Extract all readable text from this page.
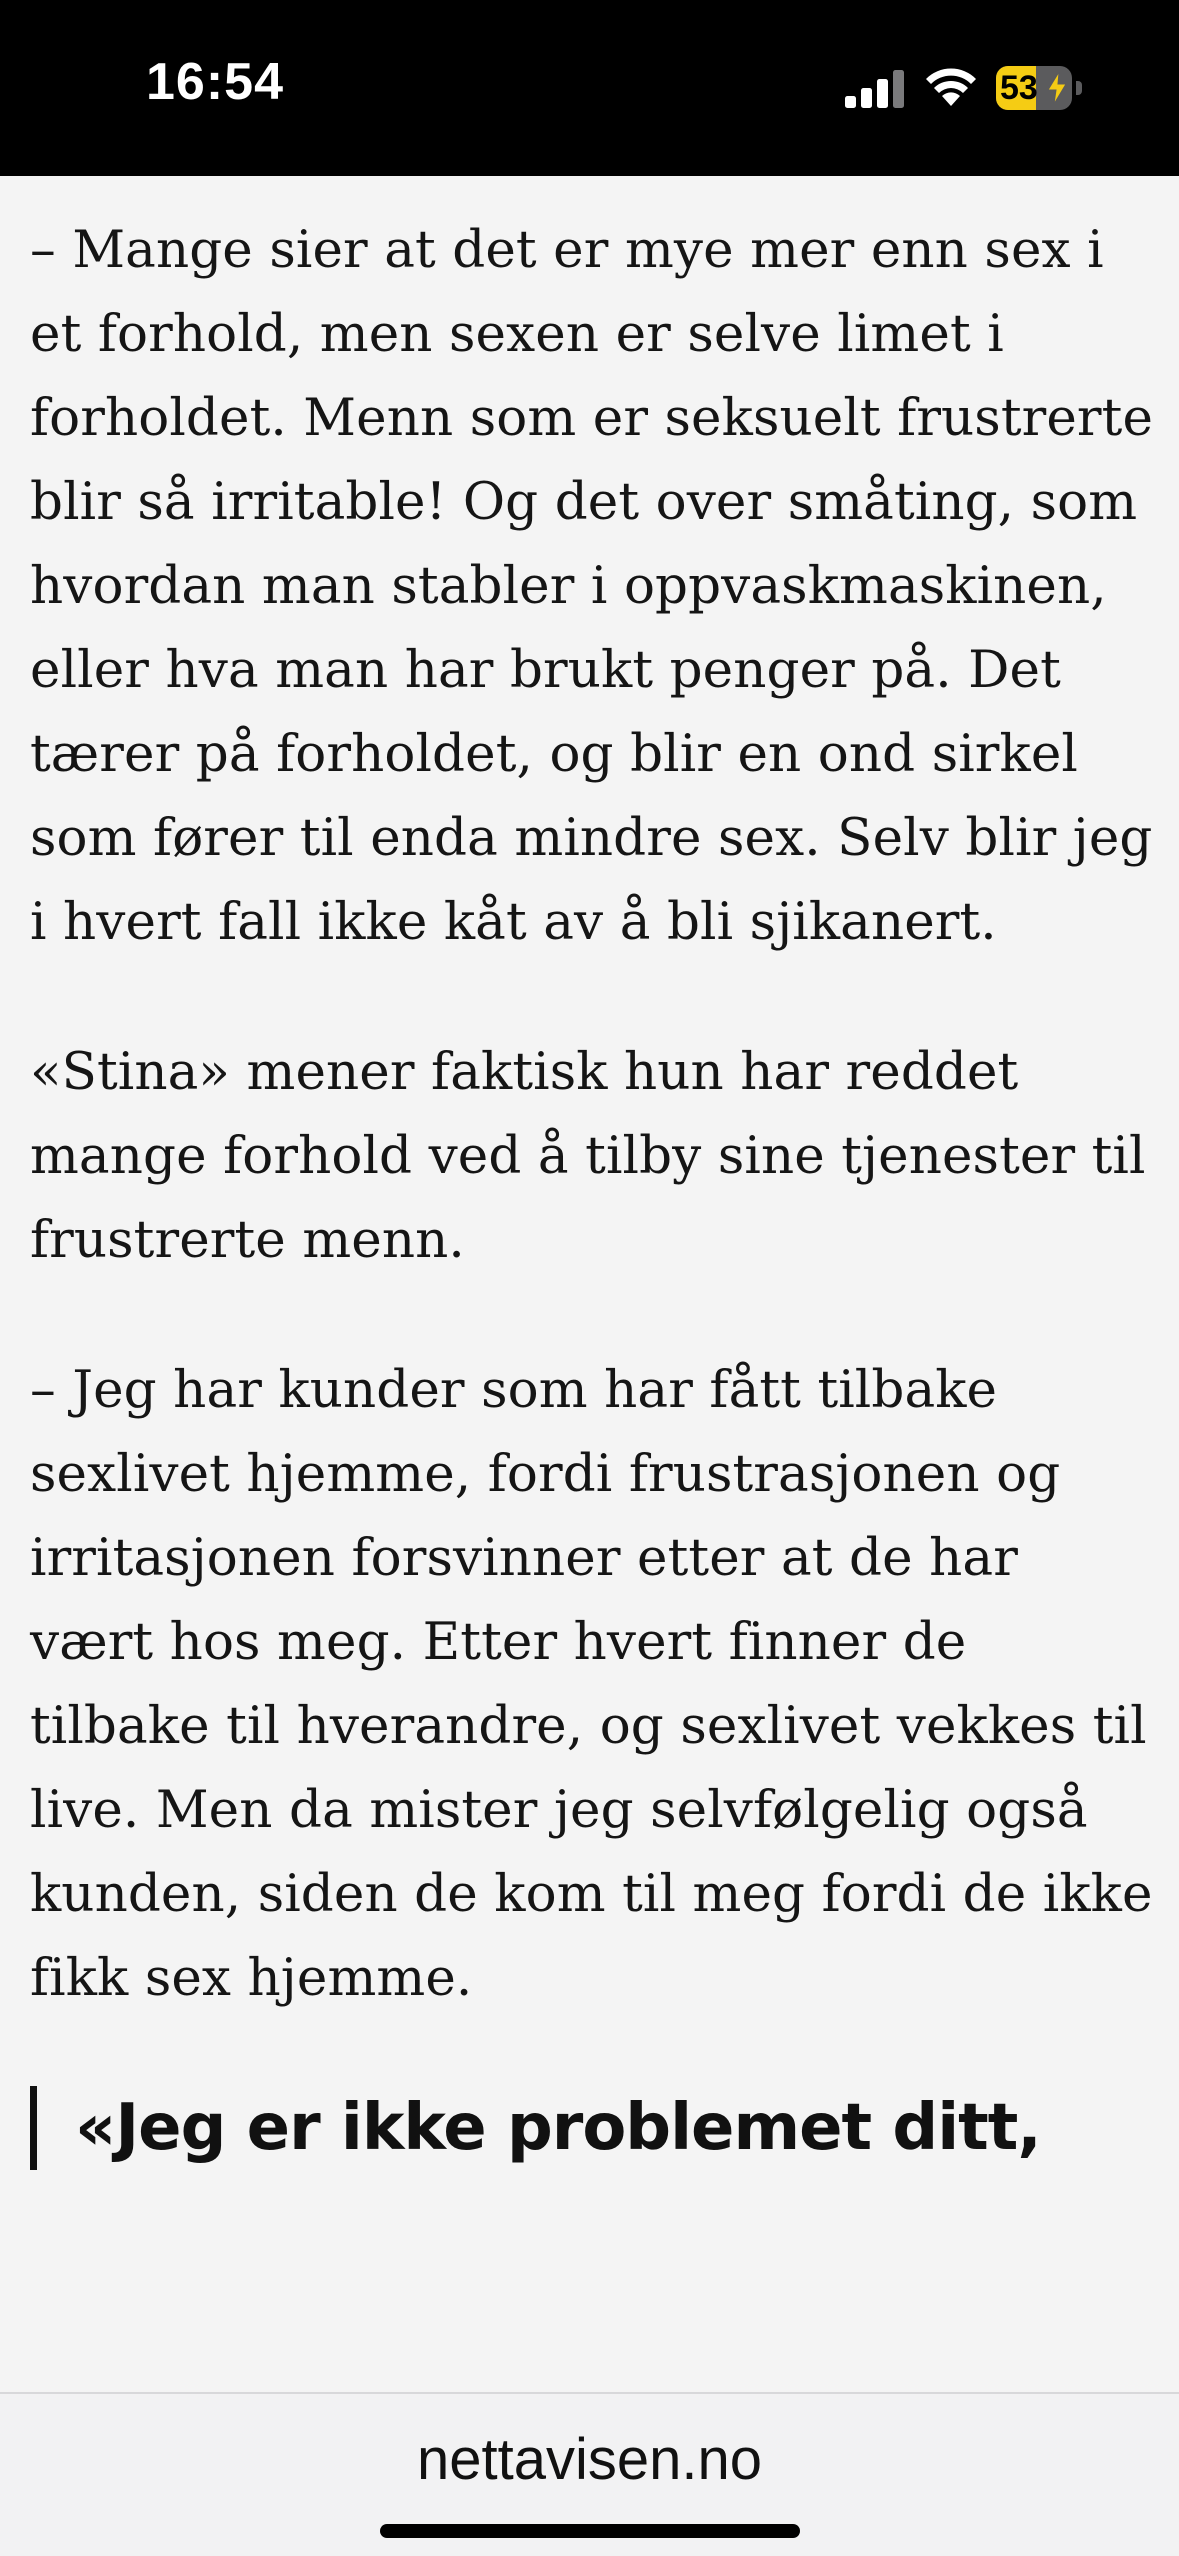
16:54	53

– Mange sier at det er mye mer enn sex i et forhold, men sexen er selve limet i forholdet. Menn som er seksuelt frustrerte blir så irritable! Og det over småting, som hvordan man stabler i oppvaskmaskinen, eller hva man har brukt penger på. Det tærer på forholdet, og blir en ond sirkel som fører til enda mindre sex. Selv blir jeg i hvert fall ikke kåt av å bli sjikanert.

«Stina» mener faktisk hun har reddet mange forhold ved å tilby sine tjenester til frustrerte menn.

– Jeg har kunder som har fått tilbake sexlivet hjemme, fordi frustrasjonen og irritasjonen forsvinner etter at de har vært hos meg. Etter hvert finner de tilbake til hverandre, og sexlivet vekkes til live. Men da mister jeg selvfølgelig også kunden, siden de kom til meg fordi de ikke fikk sex hjemme.

«Jeg er ikke problemet ditt,
nettavisen.no
